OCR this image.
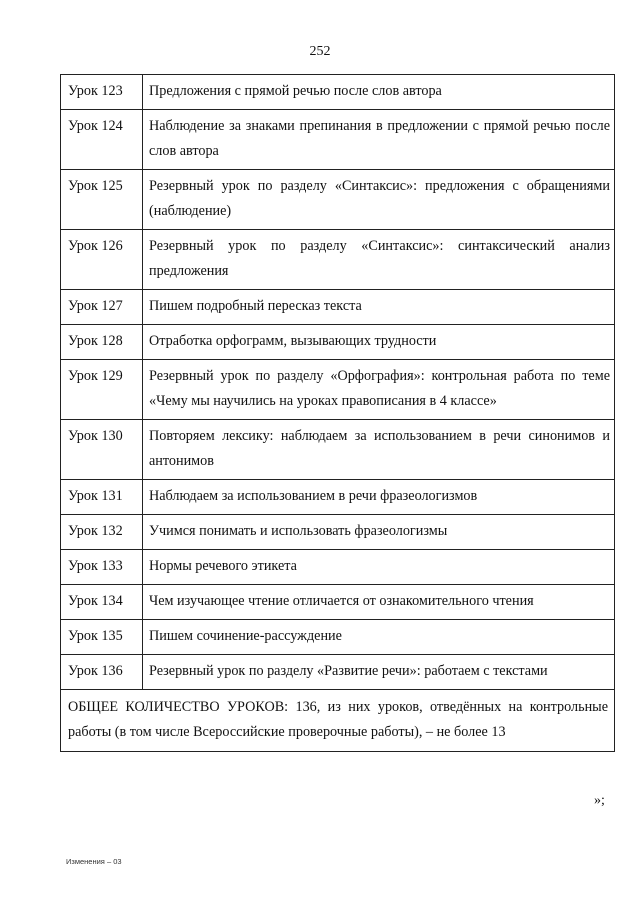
252
Урок 123	Предложения с прямой речью после слов автора
Урок 124	Наблюдение за знаками препинания в предложении с прямой речью после слов автора
Урок 125	Резервный урок по разделу «Синтаксис»: предложения с обращениями (наблюдение)
Урок 126	Резервный урок по разделу «Синтаксис»: синтаксический анализ предложения
Урок 127	Пишем подробный пересказ текста
Урок 128	Отработка орфограмм, вызывающих трудности
Урок 129	Резервный урок по разделу «Орфография»: контрольная работа по теме «Чему мы научились на уроках правописания в 4 классе»
Урок 130	Повторяем лексику: наблюдаем за использованием в речи синонимов и антонимов
Урок 131	Наблюдаем за использованием в речи фразеологизмов
Урок 132	Учимся понимать и использовать фразеологизмы
Урок 133	Нормы речевого этикета
Урок 134	Чем изучающее чтение отличается от ознакомительного чтения
Урок 135	Пишем сочинение-рассуждение
Урок 136	Резервный урок по разделу «Развитие речи»: работаем с текстами
ОБЩЕЕ КОЛИЧЕСТВО УРОКОВ: 136, из них уроков, отведённых на контрольные работы (в том числе Всероссийские проверочные работы), – не более 13	
»;
Изменения – 03
